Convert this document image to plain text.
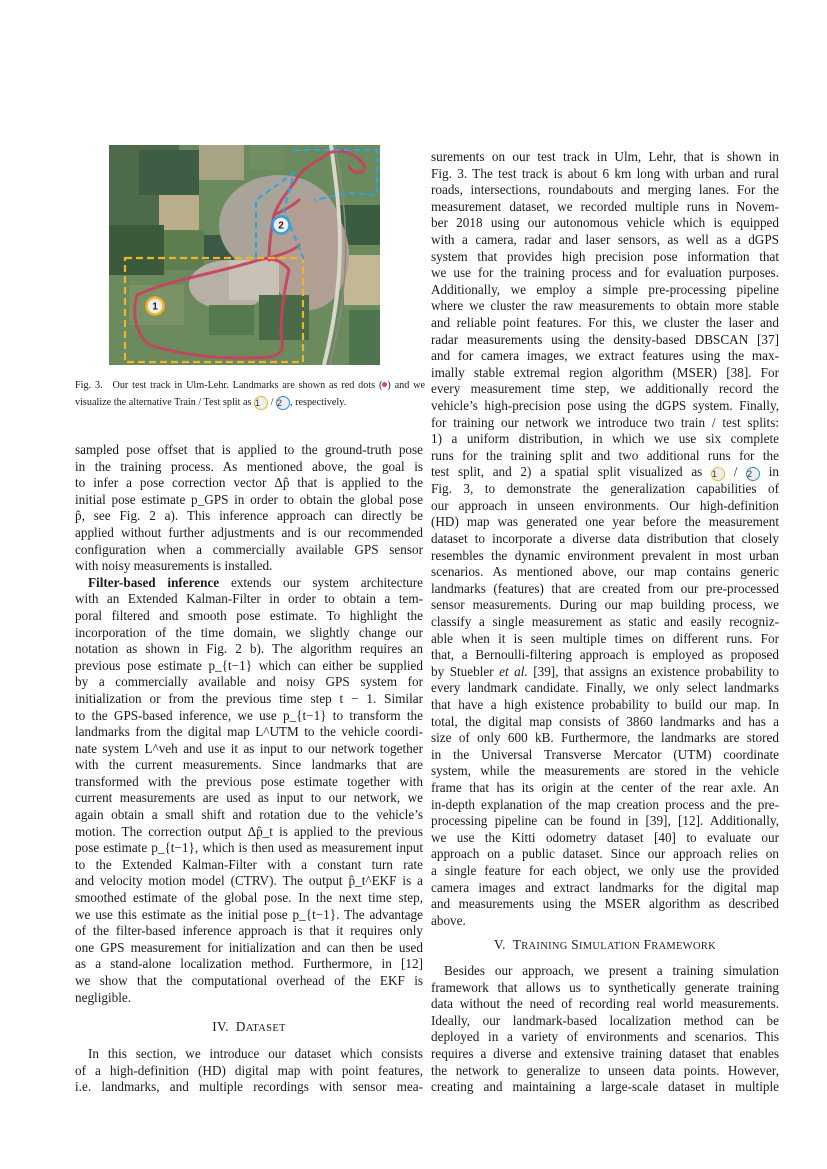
1
2
Fig. 3. Our test track in Ulm-Lehr. Landmarks are shown as red dots ( ) and we visualize the alternative Train / Test split as 1 / 2 , respectively.

sampled pose offset that is applied to the ground-truth pose
in the training process. As mentioned above, the goal is
to infer a pose correction vector Δp̂ that is applied to the
initial pose estimate p_GPS in order to obtain the global pose
p̂, see Fig. 2 a). This inference approach can directly be
applied without further adjustments and is our recommended
configuration when a commercially available GPS sensor
with noisy measurements is installed.

Filter-based inference extends our system architecture
with an Extended Kalman-Filter in order to obtain a tem-
poral filtered and smooth pose estimate. To highlight the
incorporation of the time domain, we slightly change our
notation as shown in Fig. 2 b). The algorithm requires an
previous pose estimate p_{t−1} which can either be supplied
by a commercially available and noisy GPS system for
initialization or from the previous time step t − 1. Similar
to the GPS-based inference, we use p_{t−1} to transform the
landmarks from the digital map L^UTM to the vehicle coordi-
nate system L^veh and use it as input to our network together
with the current measurements. Since landmarks that are
transformed with the previous pose estimate together with
current measurements are used as input to our network, we
again obtain a small shift and rotation due to the vehicle’s
motion. The correction output Δp̂_t is applied to the previous
pose estimate p_{t−1}, which is then used as measurement input
to the Extended Kalman-Filter with a constant turn rate
and velocity motion model (CTRV). The output p̂_t^EKF is a
smoothed estimate of the global pose. In the next time step,
we use this estimate as the initial pose p_{t−1}. The advantage
of the filter-based inference approach is that it requires only
one GPS measurement for initialization and can then be used
as a stand-alone localization method. Furthermore, in [12]
we show that the computational overhead of the EKF is
negligible.

IV. DATASET

In this section, we introduce our dataset which consists
of a high-definition (HD) digital map with point features,
i.e. landmarks, and multiple recordings with sensor mea-

surements on our test track in Ulm, Lehr, that is shown in
Fig. 3. The test track is about 6 km long with urban and rural
roads, intersections, roundabouts and merging lanes. For the
measurement dataset, we recorded multiple runs in Novem-
ber 2018 using our autonomous vehicle which is equipped
with a camera, radar and laser sensors, as well as a dGPS
system that provides high precision pose information that
we use for the training process and for evaluation purposes.
Additionally, we employ a simple pre-processing pipeline
where we cluster the raw measurements to obtain more stable
and reliable point features. For this, we cluster the laser and
radar measurements using the density-based DBSCAN [37]
and for camera images, we extract features using the max-
imally stable extremal region algorithm (MSER) [38]. For
every measurement time step, we additionally record the
vehicle’s high-precision pose using the dGPS system. Finally,
for training our network we introduce two train / test splits:
1) a uniform distribution, in which we use six complete
runs for the training split and two additional runs for the
test split, and 2) a spatial split visualized as 1 / 2 in
Fig. 3, to demonstrate the generalization capabilities of
our approach in unseen environments. Our high-definition
(HD) map was generated one year before the measurement
dataset to incorporate a diverse data distribution that closely
resembles the dynamic environment prevalent in most urban
scenarios. As mentioned above, our map contains generic
landmarks (features) that are created from our pre-processed
sensor measurements. During our map building process, we
classify a single measurement as static and easily recogniz-
able when it is seen multiple times on different runs. For
that, a Bernoulli-filtering approach is employed as proposed
by Stuebler et al. [39], that assigns an existence probability to
every landmark candidate. Finally, we only select landmarks
that have a high existence probability to build our map. In
total, the digital map consists of 3860 landmarks and has a
size of only 600 kB. Furthermore, the landmarks are stored
in the Universal Transverse Mercator (UTM) coordinate
system, while the measurements are stored in the vehicle
frame that has its origin at the center of the rear axle. An
in-depth explanation of the map creation process and the pre-
processing pipeline can be found in [39], [12]. Additionally,
we use the Kitti odometry dataset [40] to evaluate our
approach on a public dataset. Since our approach relies on
a single feature for each object, we only use the provided
camera images and extract landmarks for the digital map
and measurements using the MSER algorithm as described
above.

V. TRAINING SIMULATION FRAMEWORK

Besides our approach, we present a training simulation
framework that allows us to synthetically generate training
data without the need of recording real world measurements.
Ideally, our landmark-based localization method can be
deployed in a variety of environments and scenarios. This
requires a diverse and extensive training dataset that enables
the network to generalize to unseen data points. However,
creating and maintaining a large-scale dataset in multiple
